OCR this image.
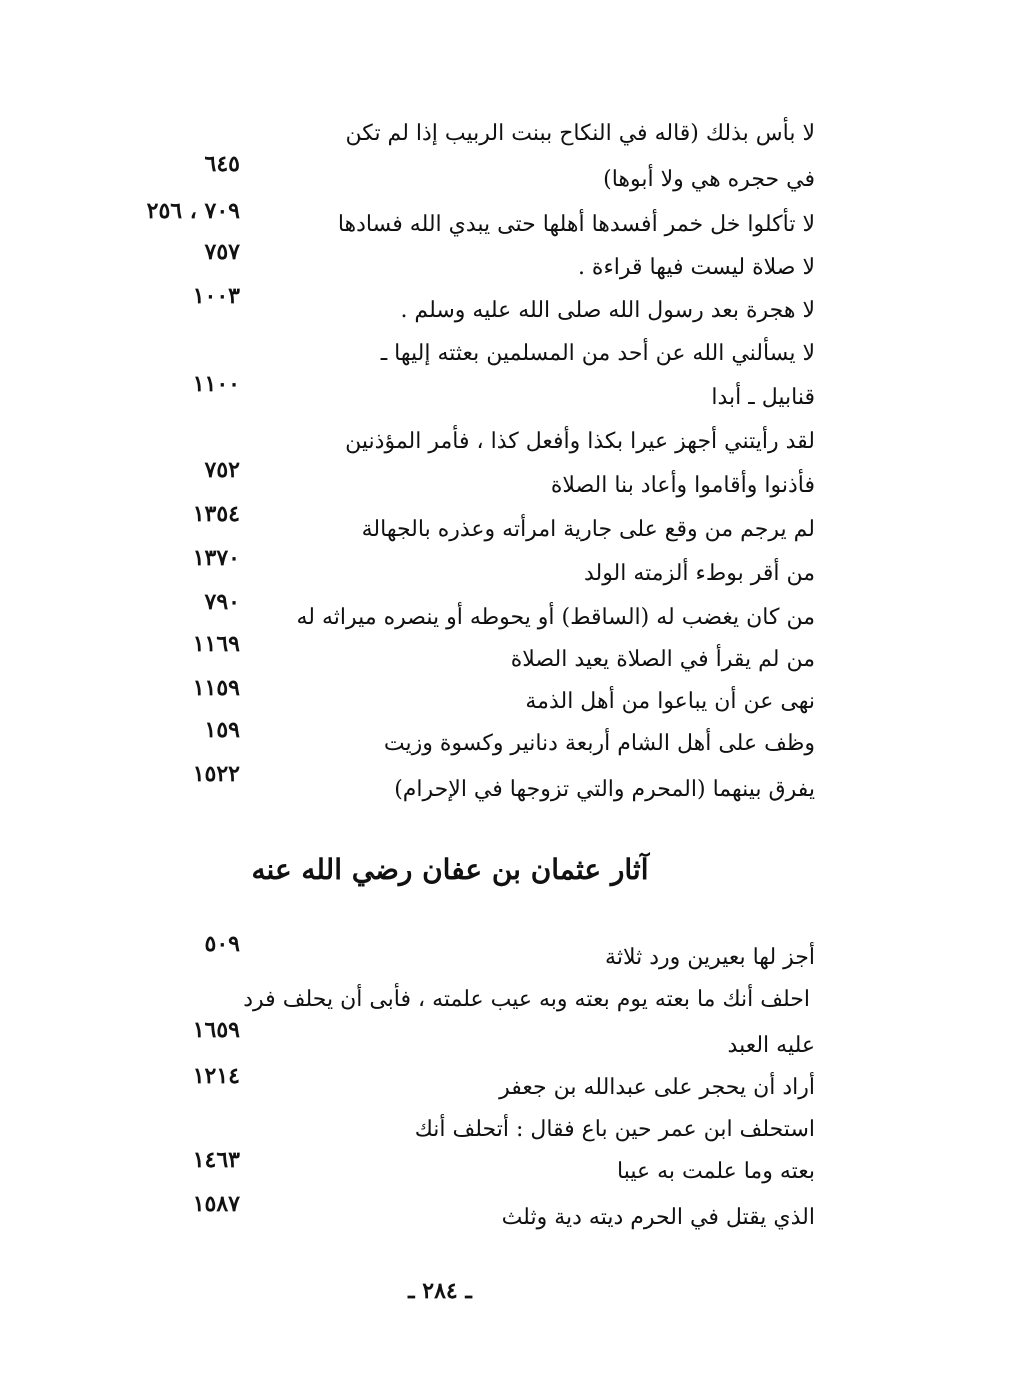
لا بأس بذلك (قاله في النكاح ببنت الربيب إذا لم تكن
في حجره هي ولا أبوها)
لا تأكلوا خل خمر أفسدها أهلها حتى يبدي الله فسادها
لا صلاة ليست فيها قراءة .
لا هجرة بعد رسول الله صلى الله عليه وسلم .
لا يسألني الله عن أحد من المسلمين بعثته إليها ـ
قنابيل ـ أبدا
لقد رأيتني أجهز عيرا بكذا وأفعل كذا ، فأمر المؤذنين
فأذنوا وأقاموا وأعاد بنا الصلاة
لم يرجم من وقع على جارية امرأته وعذره بالجهالة
من أقر بوطء ألزمته الولد
من كان يغضب له (الساقط) أو يحوطه أو ينصره ميراثه له
من لم يقرأ في الصلاة يعيد الصلاة
نهى عن أن يباعوا من أهل الذمة
وظف على أهل الشام أربعة دنانير وكسوة وزيت
يفرق بينهما (المحرم والتي تزوجها في الإحرام)
٦٤٥
٧٠٩ ، ٢٥٦
٧٥٧
١٠٠٣
١١٠٠
٧٥٢
١٣٥٤
١٣٧٠
٧٩٠
١١٦٩
١١٥٩
١٥٩
١٥٢٢
آثار عثمان بن عفان رضي الله عنه
أجز لها بعيرين ورد ثلاثة
احلف أنك ما بعته يوم بعته وبه عيب علمته ، فأبى أن يحلف فرد
عليه العبد
أراد أن يحجر على عبدالله بن جعفر
استحلف ابن عمر حين باع فقال : أتحلف أنك
بعته وما علمت به عيبا
الذي يقتل في الحرم ديته دية وثلث
٥٠٩
١٦٥٩
١٢١٤
١٤٦٣
١٥٨٧
ـ ٢٨٤ ـ
